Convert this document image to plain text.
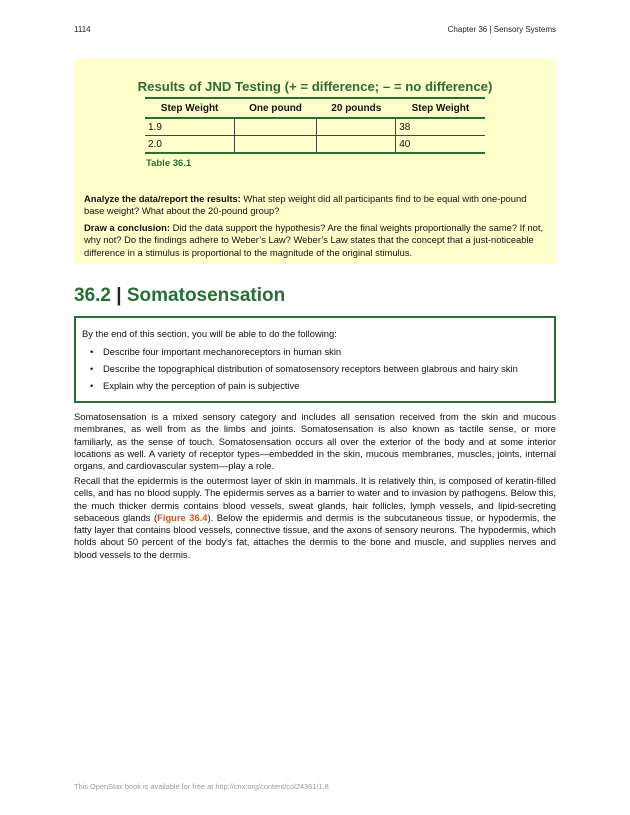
1114	Chapter 36 | Sensory Systems
Results of JND Testing (+ = difference; – = no difference)
Step Weight	One pound	20 pounds	Step Weight
1.9			38
2.0			40
Table 36.1
Analyze the data/report the results: What step weight did all participants find to be equal with one-pound base weight? What about the 20-pound group?
Draw a conclusion: Did the data support the hypothesis? Are the final weights proportionally the same? If not, why not? Do the findings adhere to Weber’s Law? Weber’s Law states that the concept that a just-noticeable difference in a stimulus is proportional to the magnitude of the original stimulus.
36.2 | Somatosensation
By the end of this section, you will be able to do the following:
• Describe four important mechanoreceptors in human skin
• Describe the topographical distribution of somatosensory receptors between glabrous and hairy skin
• Explain why the perception of pain is subjective
Somatosensation is a mixed sensory category and includes all sensation received from the skin and mucous membranes, as well from as the limbs and joints. Somatosensation is also known as tactile sense, or more familiarly, as the sense of touch. Somatosensation occurs all over the exterior of the body and at some interior locations as well. A variety of receptor types—embedded in the skin, mucous membranes, muscles, joints, internal organs, and cardiovascular system—play a role.
Recall that the epidermis is the outermost layer of skin in mammals. It is relatively thin, is composed of keratin-filled cells, and has no blood supply. The epidermis serves as a barrier to water and to invasion by pathogens. Below this, the much thicker dermis contains blood vessels, sweat glands, hair follicles, lymph vessels, and lipid-secreting sebaceous glands (Figure 36.4). Below the epidermis and dermis is the subcutaneous tissue, or hypodermis, the fatty layer that contains blood vessels, connective tissue, and the axons of sensory neurons. The hypodermis, which holds about 50 percent of the body's fat, attaches the dermis to the bone and muscle, and supplies nerves and blood vessels to the dermis.
This OpenStax book is available for free at http://cnx.org/content/col24361/1.8
